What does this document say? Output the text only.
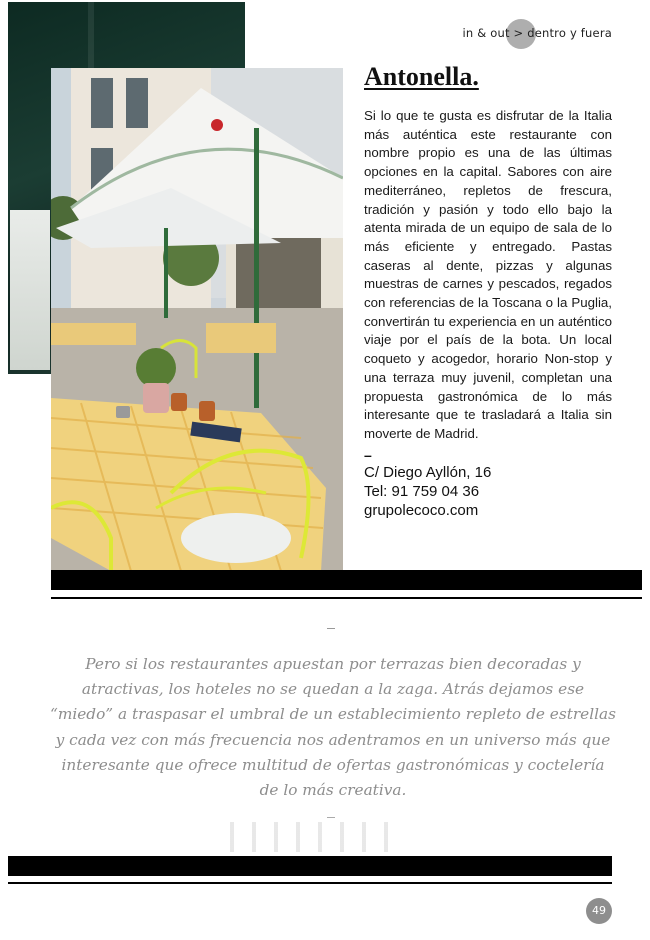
in & out > dentro y fuera
Antonella.

Si lo que te gusta es disfrutar de la Italia más auténtica este restaurante con nombre propio es una de las últimas opciones en la capital. Sabores con aire mediterráneo, repletos de frescura, tradición y pasión y todo ello bajo la atenta mirada de un equipo de sala de lo más eficiente y entregado. Pastas caseras al dente, pizzas y algunas muestras de carnes y pescados, regados con referencias de la Toscana o la Puglia, convertirán tu experiencia en un auténtico viaje por el país de la bota. Un local coqueto y acogedor, horario Non-stop y una terraza muy juvenil, completan una propuesta gastronómica de lo más interesante que te trasladará a Italia sin moverte de Madrid.

–
C/ Diego Ayllón, 16
Tel: 91 759 04 36
grupolecoco.com

Pero si los restaurantes apuestan por terrazas bien decoradas y atractivas, los hoteles no se quedan a la zaga. Atrás dejamos ese “miedo” a traspasar el umbral de un establecimiento repleto de estrellas y cada vez con más frecuencia nos adentramos en un universo más que interesante que ofrece multitud de ofertas gastronómicas y coctelería de lo más creativa.

49
